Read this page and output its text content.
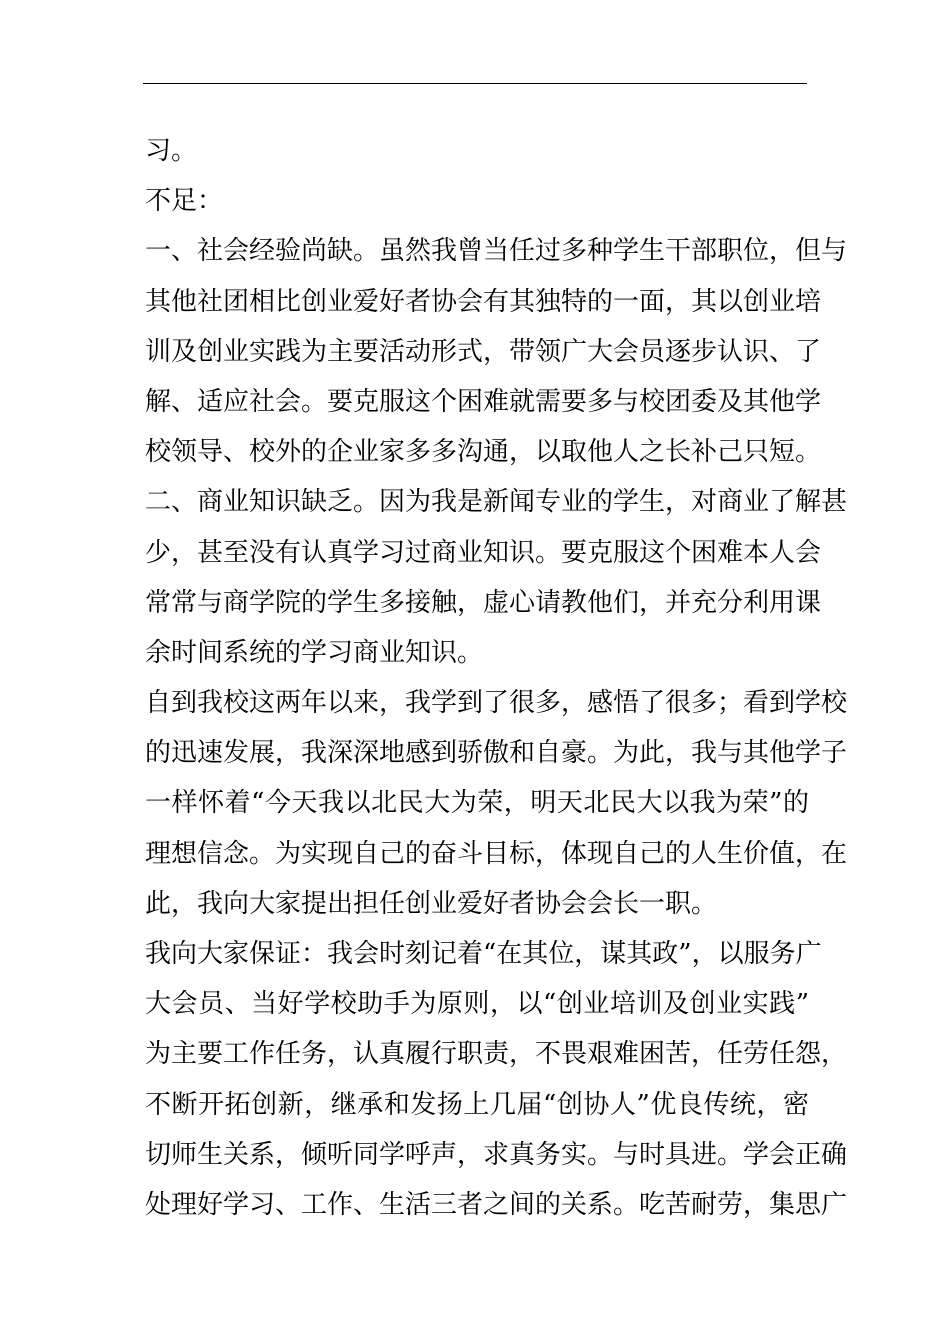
习。
不足：
一、社会经验尚缺。虽然我曾当任过多种学生干部职位，但与
其他社团相比创业爱好者协会有其独特的一面，其以创业培
训及创业实践为主要活动形式，带领广大会员逐步认识、了
解、适应社会。要克服这个困难就需要多与校团委及其他学
校领导、校外的企业家多多沟通，以取他人之长补己只短。
二、商业知识缺乏。因为我是新闻专业的学生，对商业了解甚
少，甚至没有认真学习过商业知识。要克服这个困难本人会
常常与商学院的学生多接触，虚心请教他们，并充分利用课
余时间系统的学习商业知识。
自到我校这两年以来，我学到了很多，感悟了很多；看到学校
的迅速发展，我深深地感到骄傲和自豪。为此，我与其他学子
一样怀着“今天我以北民大为荣，明天北民大以我为荣”的
理想信念。为实现自己的奋斗目标，体现自己的人生价值，在
此，我向大家提出担任创业爱好者协会会长一职。
我向大家保证：我会时刻记着“在其位，谋其政”，以服务广
大会员、当好学校助手为原则，以“创业培训及创业实践”
为主要工作任务，认真履行职责，不畏艰难困苦，任劳任怨，
不断开拓创新，继承和发扬上几届“创协人”优良传统，密
切师生关系，倾听同学呼声，求真务实。与时具进。学会正确
处理好学习、工作、生活三者之间的关系。吃苦耐劳，集思广
